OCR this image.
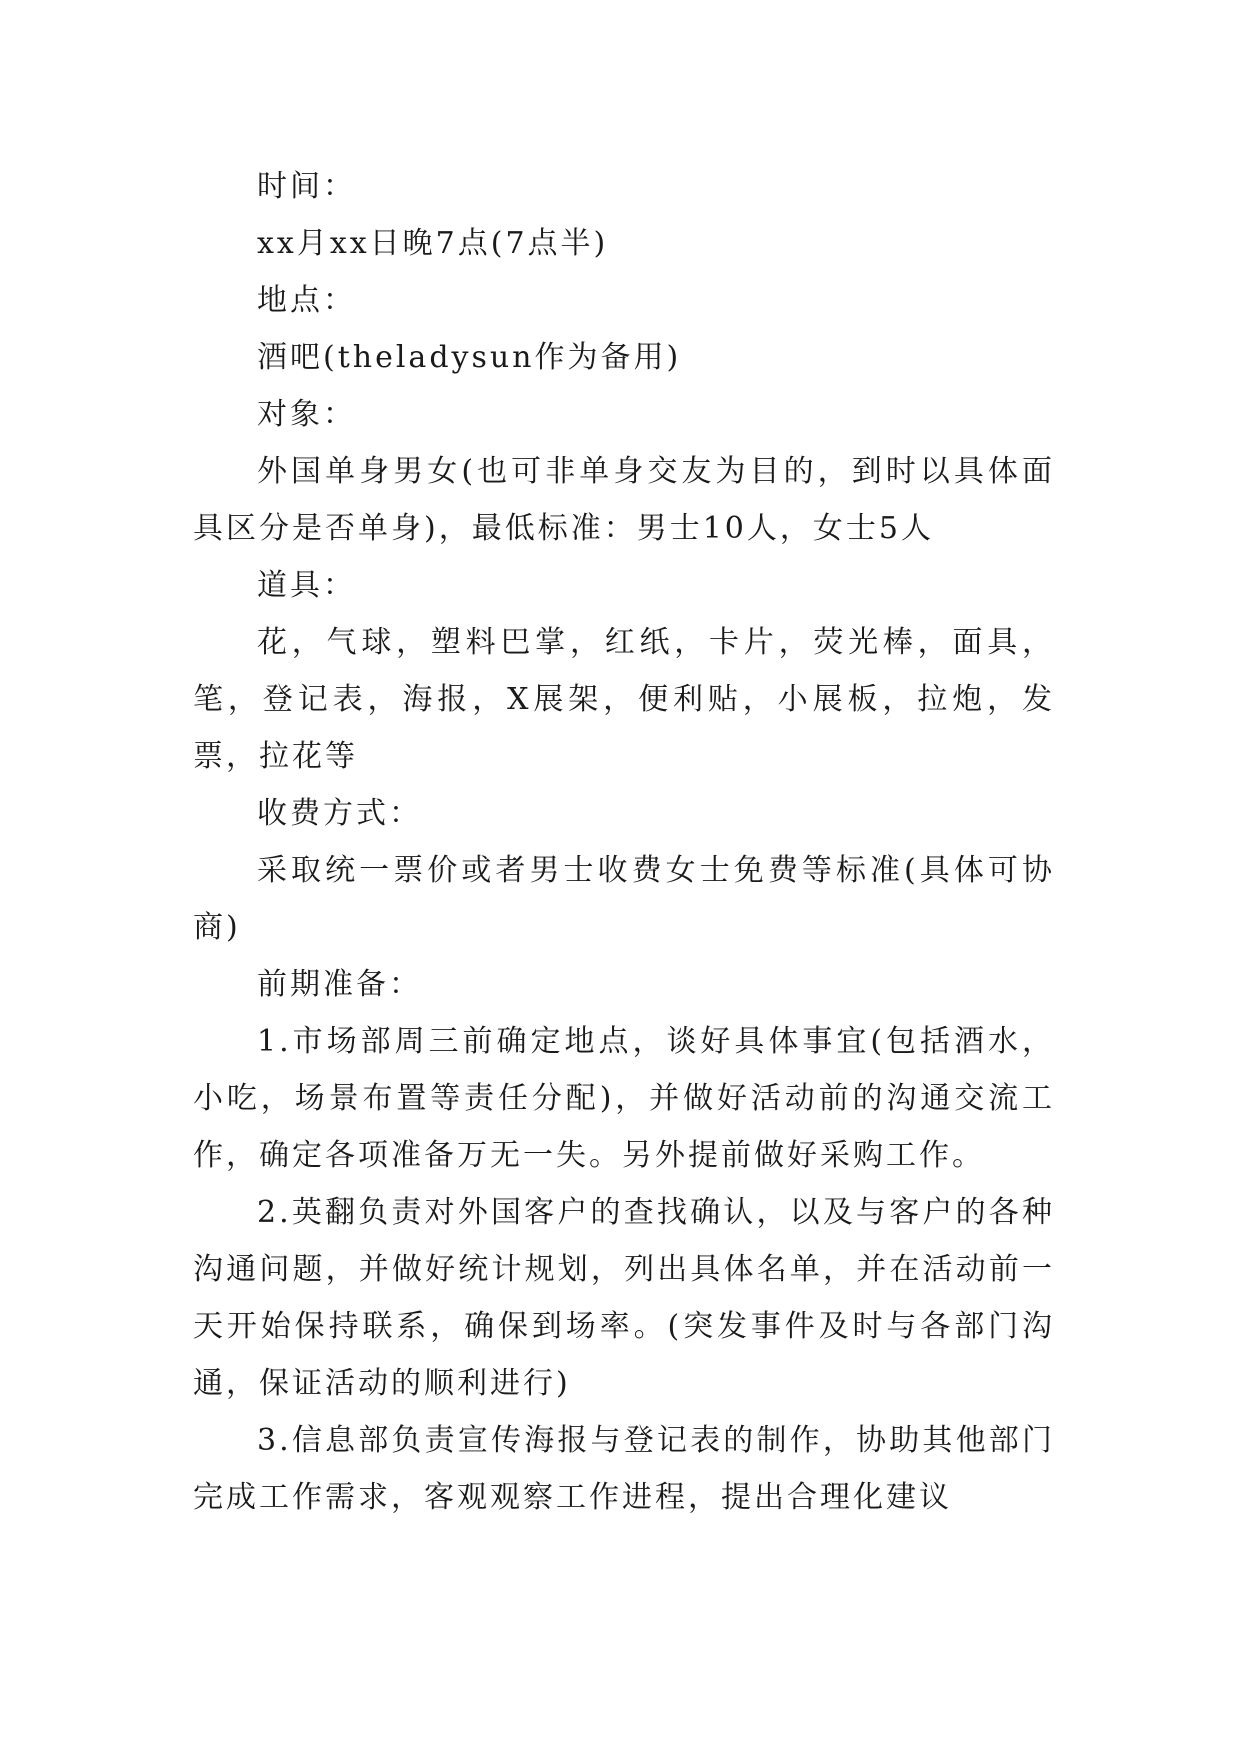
时间：

xx月xx日晚7点(7点半)

地点：

酒吧(theladysun作为备用)

对象：

外国单身男女(也可非单身交友为目的，到时以具体面具区分是否单身)，最低标准：男士10人，女士5人

道具：

花，气球，塑料巴掌，红纸，卡片，荧光棒，面具，笔，登记表，海报，X展架，便利贴，小展板，拉炮，发票，拉花等

收费方式：

采取统一票价或者男士收费女士免费等标准(具体可协商)

前期准备：

1.市场部周三前确定地点，谈好具体事宜(包括酒水，小吃，场景布置等责任分配)，并做好活动前的沟通交流工作，确定各项准备万无一失。另外提前做好采购工作。

2.英翻负责对外国客户的查找确认，以及与客户的各种沟通问题，并做好统计规划，列出具体名单，并在活动前一天开始保持联系，确保到场率。(突发事件及时与各部门沟通，保证活动的顺利进行)

3.信息部负责宣传海报与登记表的制作，协助其他部门完成工作需求，客观观察工作进程，提出合理化建议
